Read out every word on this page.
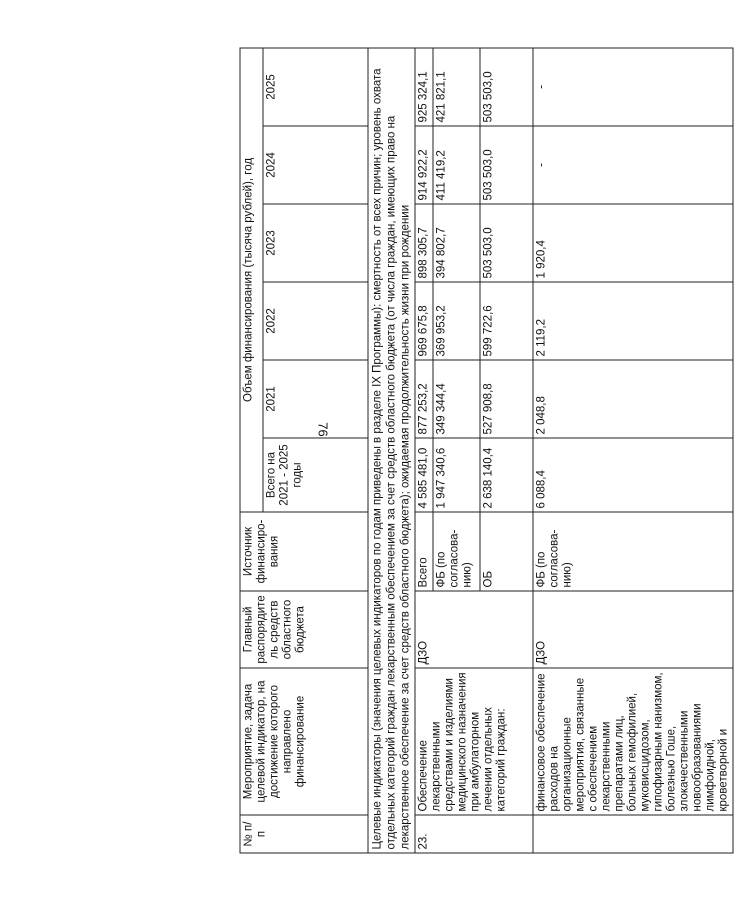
76
№ п/п	Мероприятие, задача целевой индикатор, на достижение которого направлено финансирование	Главный распорядитель средств областного бюджета	Источник финансиро-вания	Объем финансирования (тысяча рублей), год					
				Всего на 2021 - 2025 годы	2021	2022	2023	2024	2025
Целевые индикаторы (значения целевых индикаторов по годам приведены в разделе IX Программы): смертность от всех причин; уровень охвата отдельных категорий граждан лекарственным обеспечением за счет средств областного бюджета (от числа граждан, имеющих право на лекарственное обеспечение за счет средств областного бюджета); ожидаемая продолжительность жизни при рождении									
23.	Обеспечение лекарственными средствами и изделиями медицинского назначения при амбулаторном лечении отдельных категорий граждан:	ДЗО	Всего	4 585 481,0	877 253,2	969 675,8	898 305,7	914 922,2	925 324,1
			ФБ (по согласова-нию)	1 947 340,6	349 344,4	369 953,2	394 802,7	411 419,2	421 821,1
			ОБ	2 638 140,4	527 908,8	599 722,6	503 503,0	503 503,0	503 503,0
	финансовое обеспечение расходов на организационные мероприятия, связанные с обеспечением лекарственными препаратами лиц, больных гемофилией, муковисцидозом, гипофизарным нанизмом, болезнью Гоше, злокачественными новообразованиями лимфоидной, кроветворной и	ДЗО	ФБ (по согласова-нию)	6 088,4	2 048,8	2 119,2	1 920,4	-	-
